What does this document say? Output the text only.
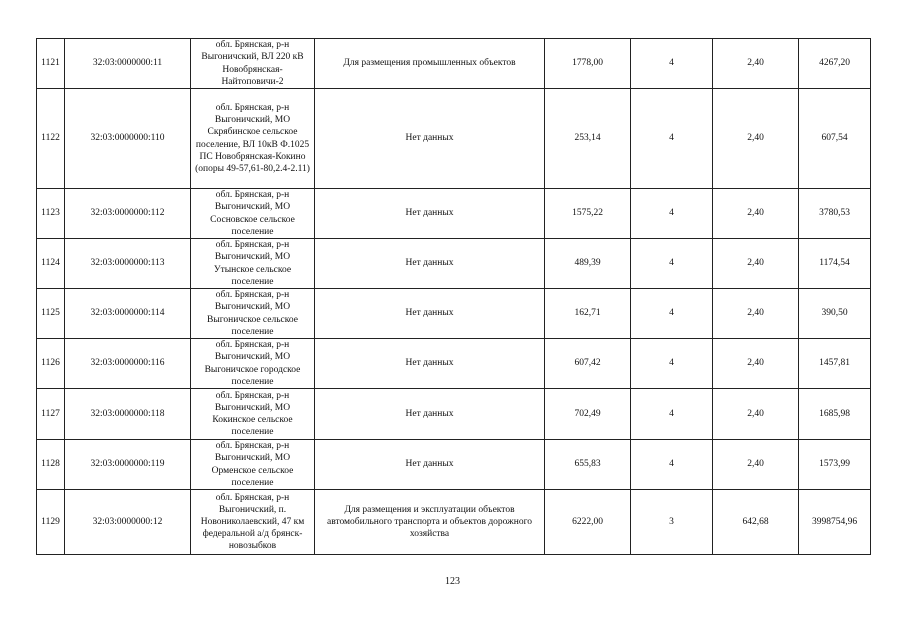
1121	32:03:0000000:11	обл. Брянская, р-н Выгоничский, ВЛ 220 кВ Новобрянская-Найтоповичи-2	Для размещения промышленных объектов	1778,00	4	2,40	4267,20
1122	32:03:0000000:110	обл. Брянская, р-н Выгоничский, МО Скрябинское сельское поселение, ВЛ 10кВ Ф.1025 ПС Новобрянская-Кокино (опоры 49-57,61-80,2.4-2.11)	Нет данных	253,14	4	2,40	607,54
1123	32:03:0000000:112	обл. Брянская, р-н Выгоничский, МО Сосновское сельское поселение	Нет данных	1575,22	4	2,40	3780,53
1124	32:03:0000000:113	обл. Брянская, р-н Выгоничский, МО Утынское сельское поселение	Нет данных	489,39	4	2,40	1174,54
1125	32:03:0000000:114	обл. Брянская, р-н Выгоничский, МО Выгоничское сельское поселение	Нет данных	162,71	4	2,40	390,50
1126	32:03:0000000:116	обл. Брянская, р-н Выгоничский, МО Выгоничское городское поселение	Нет данных	607,42	4	2,40	1457,81
1127	32:03:0000000:118	обл. Брянская, р-н Выгоничский, МО Кокинское сельское поселение	Нет данных	702,49	4	2,40	1685,98
1128	32:03:0000000:119	обл. Брянская, р-н Выгоничский, МО Орменское сельское поселение	Нет данных	655,83	4	2,40	1573,99
1129	32:03:0000000:12	обл. Брянская, р-н Выгоничский, п. Новониколаевский, 47 км федеральной а/д брянск-новозыбков	Для размещения и эксплуатации объектов автомобильного транспорта и объектов дорожного хозяйства	6222,00	3	642,68	3998754,96
123
